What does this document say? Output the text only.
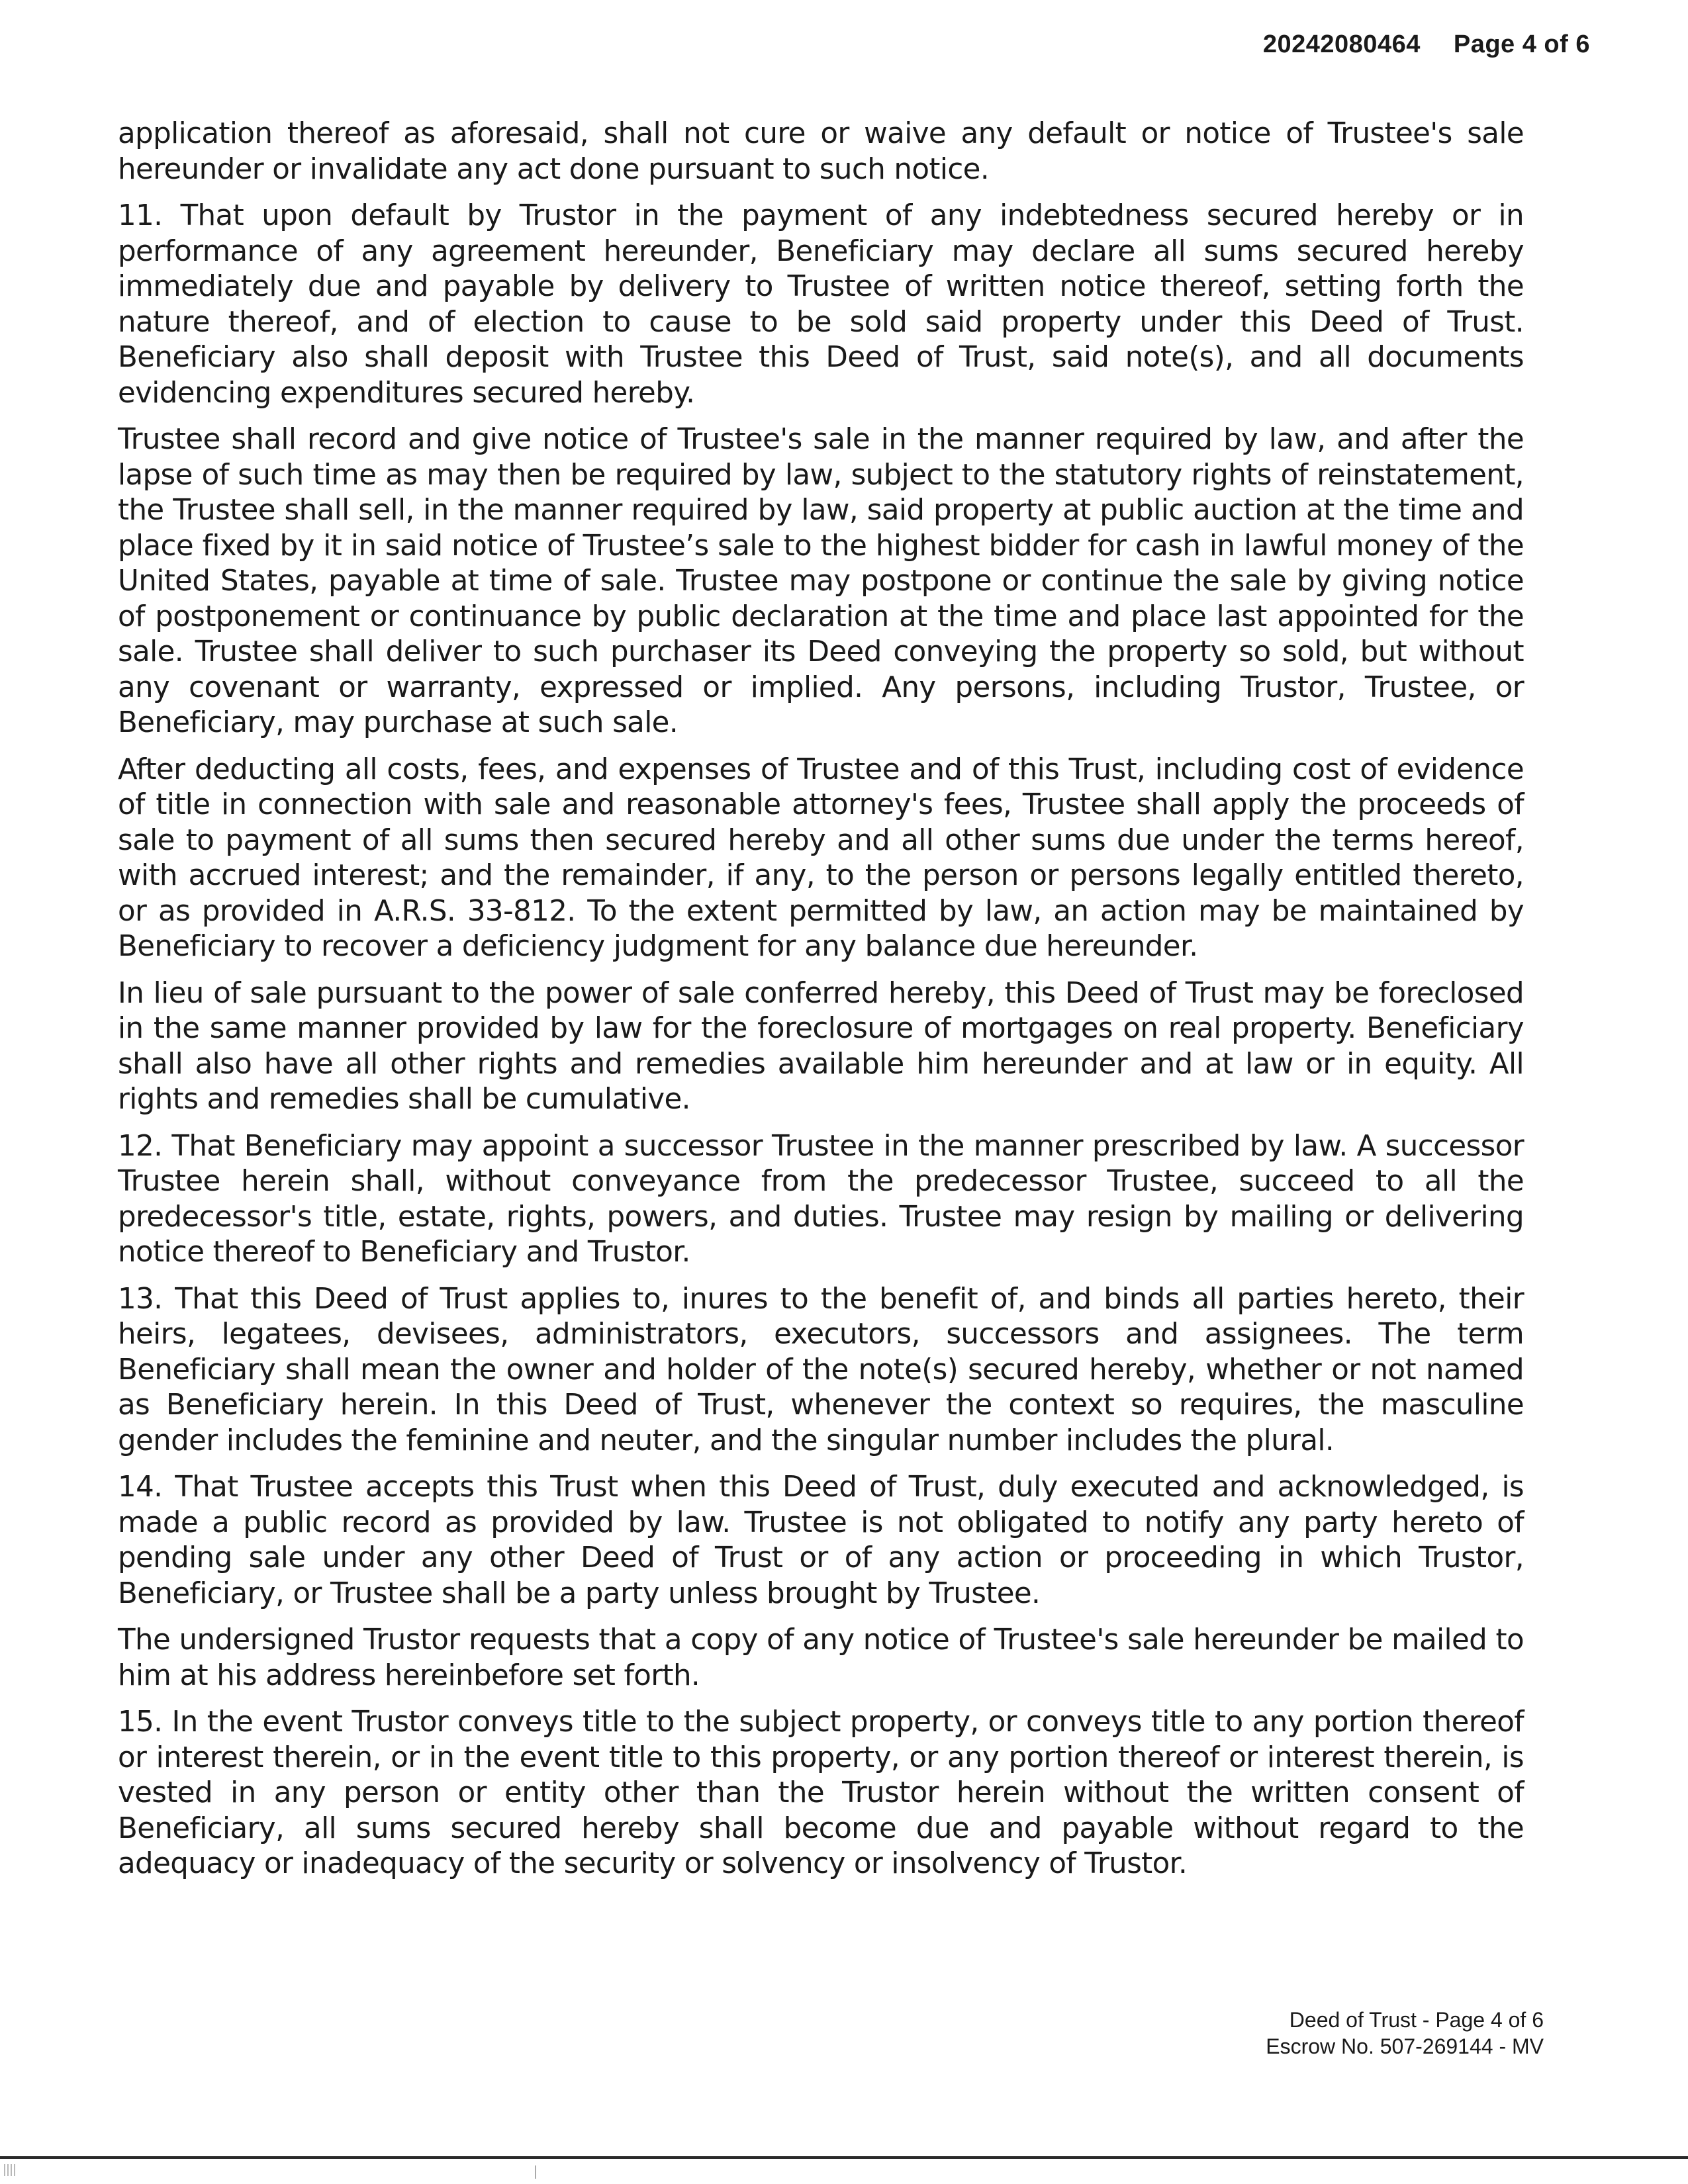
20242080464 Page 4 of 6

application thereof as aforesaid, shall not cure or waive any default or notice of Trustee's sale hereunder or invalidate any act done pursuant to such notice.

11. That upon default by Trustor in the payment of any indebtedness secured hereby or in performance of any agreement hereunder, Beneficiary may declare all sums secured hereby immediately due and payable by delivery to Trustee of written notice thereof, setting forth the nature thereof, and of election to cause to be sold said property under this Deed of Trust. Beneficiary also shall deposit with Trustee this Deed of Trust, said note(s), and all documents evidencing expenditures secured hereby.

Trustee shall record and give notice of Trustee's sale in the manner required by law, and after the lapse of such time as may then be required by law, subject to the statutory rights of reinstatement, the Trustee shall sell, in the manner required by law, said property at public auction at the time and place fixed by it in said notice of Trustee’s sale to the highest bidder for cash in lawful money of the United States, payable at time of sale. Trustee may postpone or continue the sale by giving notice of postponement or continuance by public declaration at the time and place last appointed for the sale. Trustee shall deliver to such purchaser its Deed conveying the property so sold, but without any covenant or warranty, expressed or implied. Any persons, including Trustor, Trustee, or Beneficiary, may purchase at such sale.

After deducting all costs, fees, and expenses of Trustee and of this Trust, including cost of evidence of title in connection with sale and reasonable attorney's fees, Trustee shall apply the proceeds of sale to payment of all sums then secured hereby and all other sums due under the terms hereof, with accrued interest; and the remainder, if any, to the person or persons legally entitled thereto, or as provided in A.R.S. 33-812. To the extent permitted by law, an action may be maintained by Beneficiary to recover a deficiency judgment for any balance due hereunder.

In lieu of sale pursuant to the power of sale conferred hereby, this Deed of Trust may be foreclosed in the same manner provided by law for the foreclosure of mortgages on real property. Beneficiary shall also have all other rights and remedies available him hereunder and at law or in equity. All rights and remedies shall be cumulative.

12. That Beneficiary may appoint a successor Trustee in the manner prescribed by law. A successor Trustee herein shall, without conveyance from the predecessor Trustee, succeed to all the predecessor's title, estate, rights, powers, and duties. Trustee may resign by mailing or delivering notice thereof to Beneficiary and Trustor.

13. That this Deed of Trust applies to, inures to the benefit of, and binds all parties hereto, their heirs, legatees, devisees, administrators, executors, successors and assignees. The term Beneficiary shall mean the owner and holder of the note(s) secured hereby, whether or not named as Beneficiary herein. In this Deed of Trust, whenever the context so requires, the masculine gender includes the feminine and neuter, and the singular number includes the plural.

14. That Trustee accepts this Trust when this Deed of Trust, duly executed and acknowledged, is made a public record as provided by law. Trustee is not obligated to notify any party hereto of pending sale under any other Deed of Trust or of any action or proceeding in which Trustor, Beneficiary, or Trustee shall be a party unless brought by Trustee.

The undersigned Trustor requests that a copy of any notice of Trustee's sale hereunder be mailed to him at his address hereinbefore set forth.

15. In the event Trustor conveys title to the subject property, or conveys title to any portion thereof or interest therein, or in the event title to this property, or any portion thereof or interest therein, is vested in any person or entity other than the Trustor herein without the written consent of Beneficiary, all sums secured hereby shall become due and payable without regard to the adequacy or inadequacy of the security or solvency or insolvency of Trustor.

Deed of Trust - Page 4 of 6
Escrow No. 507-269144 - MV
